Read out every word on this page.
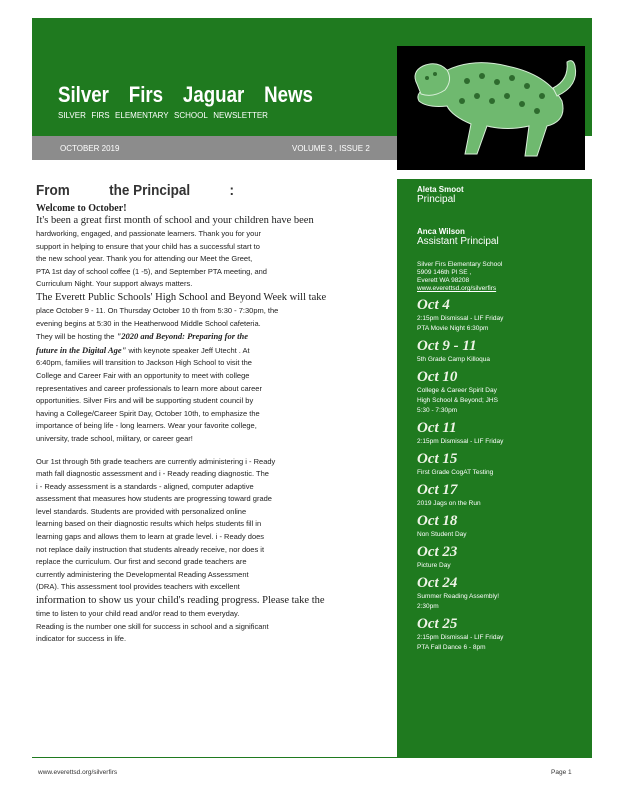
Silver Firs Jaguar News
SILVER FIRS ELEMENTARY SCHOOL NEWSLETTER
OCTOBER 2019	VOLUME 3 , ISSUE 2
From	the Principal	:
Welcome to October!
It's been a great first month of school and your children have been
hardworking, engaged, and passionate learners. Thank you for your
support in helping to ensure that your child has a successful start to
the new school year. Thank you for attending our Meet the Greet,
PTA 1st day of school coffee (1 -5), and September PTA meeting, and
Curriculum Night. Your support always matters.
The Everett Public Schools' High School and Beyond Week will take
place October 9 - 11. On Thursday October 10 th from 5:30 - 7:30pm, the
evening begins at 5:30 in the Heatherwood Middle School cafeteria.
They will be hosting the "2020 and Beyond: Preparing for the
future in the Digital Age" with keynote speaker Jeff Utecht . At
6:40pm, families will transition to Jackson High School to visit the
College and Career Fair with an opportunity to meet with college
representatives and career professionals to learn more about career
opportunities. Silver Firs and will be supporting student council by
having a College/Career Spirit Day, October 10th, to emphasize the
importance of being life - long learners. Wear your favorite college,
university, trade school, military, or career gear!
Our 1st through 5th grade teachers are currently administering i - Ready
math fall diagnostic assessment and i - Ready reading diagnostic. The
i - Ready assessment is a standards - aligned, computer adaptive
assessment that measures how students are progressing toward grade
level standards. Students are provided with personalized online
learning based on their diagnostic results which helps students fill in
learning gaps and allows them to learn at grade level. i - Ready does
not replace daily instruction that students already receive, nor does it
replace the curriculum. Our first and second grade teachers are
currently administering the Developmental Reading Assessment
(DRA). This assessment tool provides teachers with excellent
information to show us your child's reading progress. Please take the
time to listen to your child read and/or read to them everyday.
Reading is the number one skill for success in school and a significant
indicator for success in life.
Aleta Smoot
Principal
Anca Wilson
Assistant Principal
Silver Firs Elementary School
5909 146th Pl SE ,
Everett WA 98208
www.everettsd.org/silverfirs
Oct 4
2:15pm Dismissal - LIF Friday
PTA Movie Night 6:30pm
Oct 9 - 11
5th Grade Camp Killoqua
Oct 10
College & Career Spirit Day
High School & Beyond; JHS
5:30 - 7:30pm
Oct 11
2:15pm Dismissal - LIF Friday
Oct 15
First Grade CogAT Testing
Oct 17
2019 Jags on the Run
Oct 18
Non Student Day
Oct 23
Picture Day
Oct 24
Summer Reading Assembly!
2:30pm
Oct 25
2:15pm Dismissal - LIF Friday
PTA Fall Dance 6 - 8pm
www.everettsd.org/silverfirs	Page 1
